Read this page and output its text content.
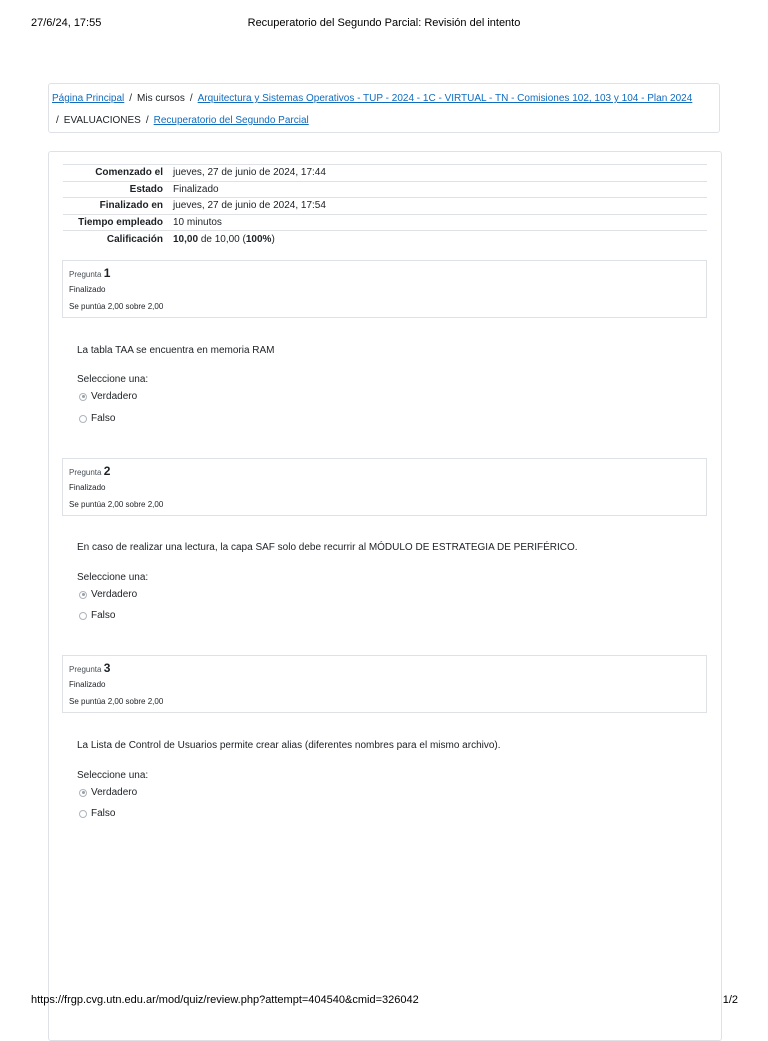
27/6/24, 17:55	Recuperatorio del Segundo Parcial: Revisión del intento
Página Principal / Mis cursos / Arquitectura y Sistemas Operativos - TUP - 2024 - 1C - VIRTUAL - TN - Comisiones 102, 103 y 104 - Plan 2024
/ EVALUACIONES / Recuperatorio del Segundo Parcial
Comenzado el	jueves, 27 de junio de 2024, 17:44
Estado	Finalizado
Finalizado en	jueves, 27 de junio de 2024, 17:54
Tiempo empleado	10 minutos
Calificación	10,00 de 10,00 (100%)
Pregunta 1
Finalizado
Se puntúa 2,00 sobre 2,00
La tabla TAA se encuentra en memoria RAM
Seleccione una:
Verdadero
Falso
Pregunta 2
Finalizado
Se puntúa 2,00 sobre 2,00
En caso de realizar una lectura, la capa SAF solo debe recurrir al MÓDULO DE ESTRATEGIA DE PERIFÉRICO.
Seleccione una:
Verdadero
Falso
Pregunta 3
Finalizado
Se puntúa 2,00 sobre 2,00
La Lista de Control de Usuarios permite crear alias (diferentes nombres para el mismo archivo).
Seleccione una:
Verdadero
Falso
https://frgp.cvg.utn.edu.ar/mod/quiz/review.php?attempt=404540&cmid=326042	1/2
